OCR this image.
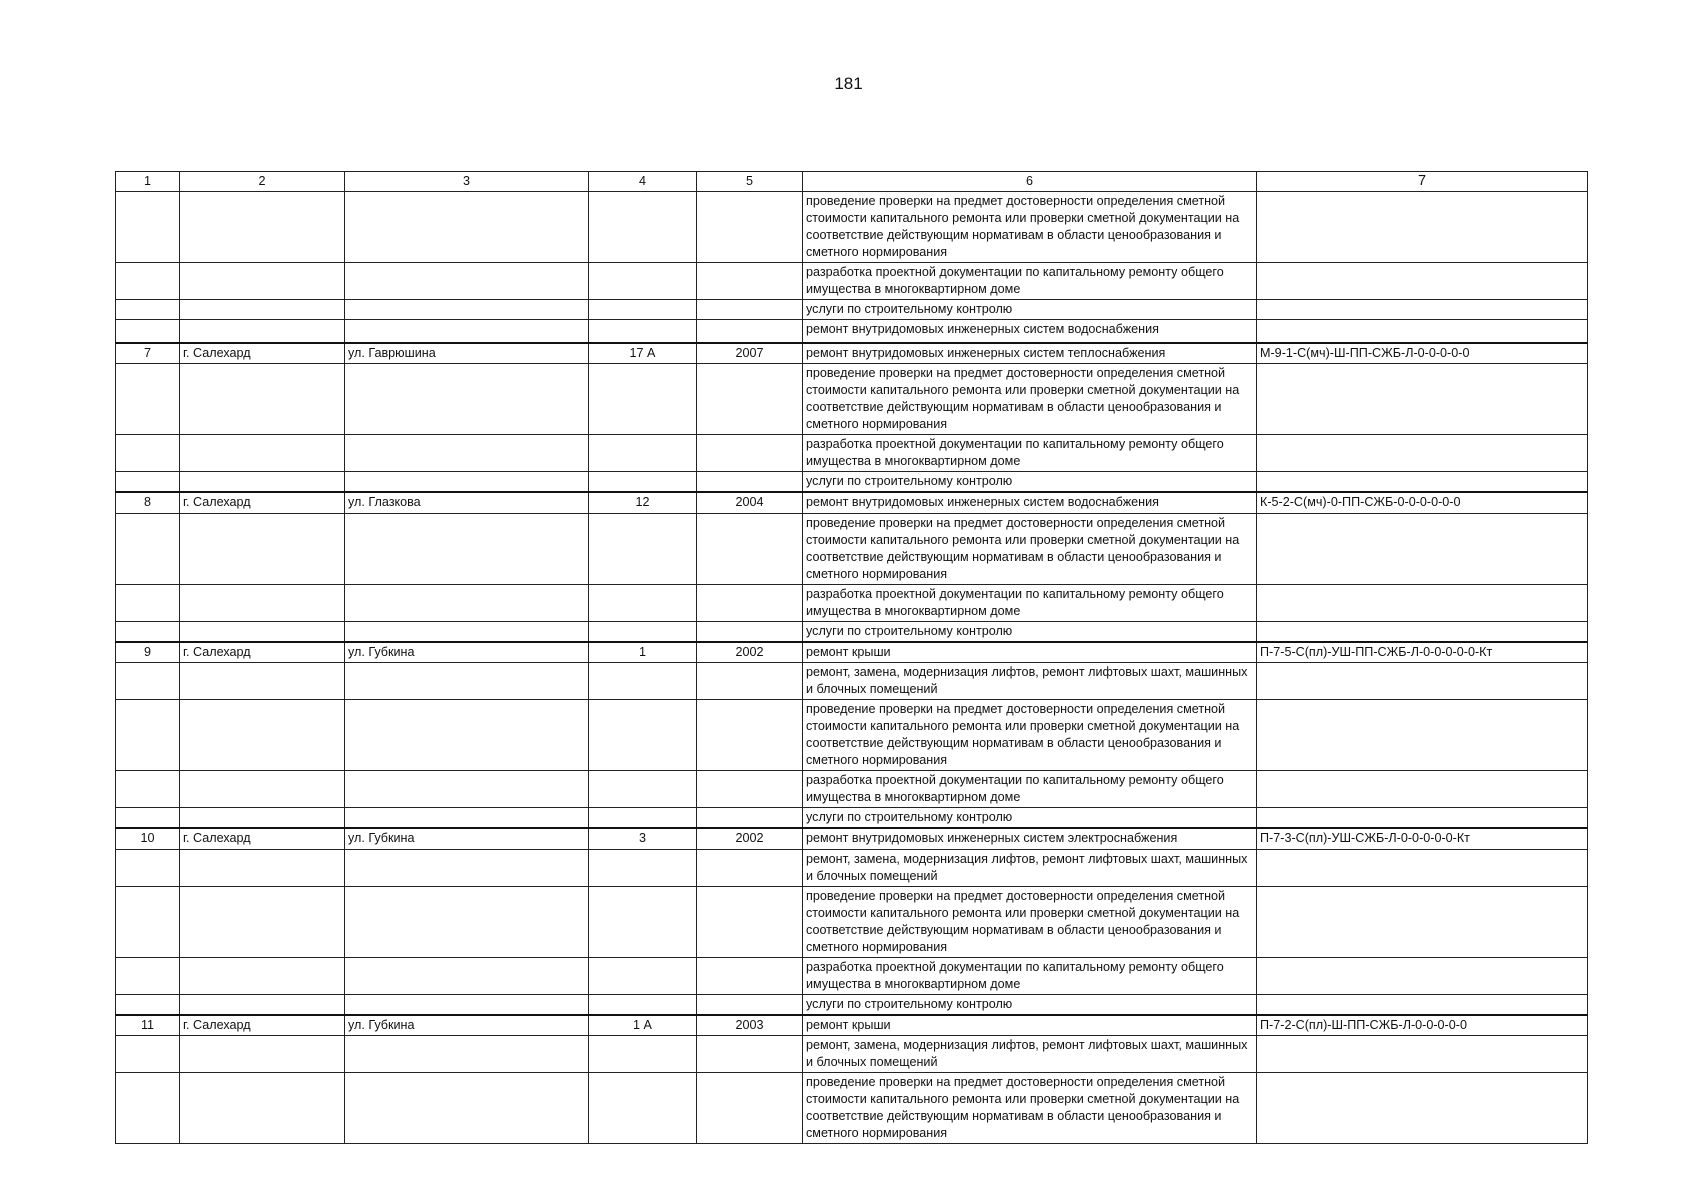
181
1	2	3	4	5	6	7
					проведение проверки на предмет достоверности определения сметной стоимости капитального ремонта или проверки сметной документации на соответствие действующим нормативам в области ценообразования и сметного нормирования	
					разработка проектной документации по капитальному ремонту общего имущества в многоквартирном доме	
					услуги по строительному контролю	
					ремонт внутридомовых инженерных систем водоснабжения	
7	г. Салехард	ул. Гаврюшина	17 А	2007	ремонт внутридомовых инженерных систем теплоснабжения	М-9-1-С(мч)-Ш-ПП-СЖБ-Л-0-0-0-0-0
					проведение проверки на предмет достоверности определения сметной стоимости капитального ремонта или проверки сметной документации на соответствие действующим нормативам в области ценообразования и сметного нормирования	
					разработка проектной документации по капитальному ремонту общего имущества в многоквартирном доме	
					услуги по строительному контролю	
8	г. Салехард	ул. Глазкова	12	2004	ремонт внутридомовых инженерных систем водоснабжения	К-5-2-С(мч)-0-ПП-СЖБ-0-0-0-0-0-0
					проведение проверки на предмет достоверности определения сметной стоимости капитального ремонта или проверки сметной документации на соответствие действующим нормативам в области ценообразования и сметного нормирования	
					разработка проектной документации по капитальному ремонту общего имущества в многоквартирном доме	
					услуги по строительному контролю	
9	г. Салехард	ул. Губкина	1	2002	ремонт крыши	П-7-5-С(пл)-УШ-ПП-СЖБ-Л-0-0-0-0-0-Кт
					ремонт, замена, модернизация лифтов, ремонт лифтовых шахт, машинных и блочных помещений	
					проведение проверки на предмет достоверности определения сметной стоимости капитального ремонта или проверки сметной документации на соответствие действующим нормативам в области ценообразования и сметного нормирования	
					разработка проектной документации по капитальному ремонту общего имущества в многоквартирном доме	
					услуги по строительному контролю	
10	г. Салехард	ул. Губкина	3	2002	ремонт внутридомовых инженерных систем электроснабжения	П-7-3-С(пл)-УШ-СЖБ-Л-0-0-0-0-0-Кт
					ремонт, замена, модернизация лифтов, ремонт лифтовых шахт, машинных и блочных помещений	
					проведение проверки на предмет достоверности определения сметной стоимости капитального ремонта или проверки сметной документации на соответствие действующим нормативам в области ценообразования и сметного нормирования	
					разработка проектной документации по капитальному ремонту общего имущества в многоквартирном доме	
					услуги по строительному контролю	
11	г. Салехард	ул. Губкина	1 А	2003	ремонт крыши	П-7-2-С(пл)-Ш-ПП-СЖБ-Л-0-0-0-0-0
					ремонт, замена, модернизация лифтов, ремонт лифтовых шахт, машинных и блочных помещений	
					проведение проверки на предмет достоверности определения сметной стоимости капитального ремонта или проверки сметной документации на соответствие действующим нормативам в области ценообразования и сметного нормирования	
